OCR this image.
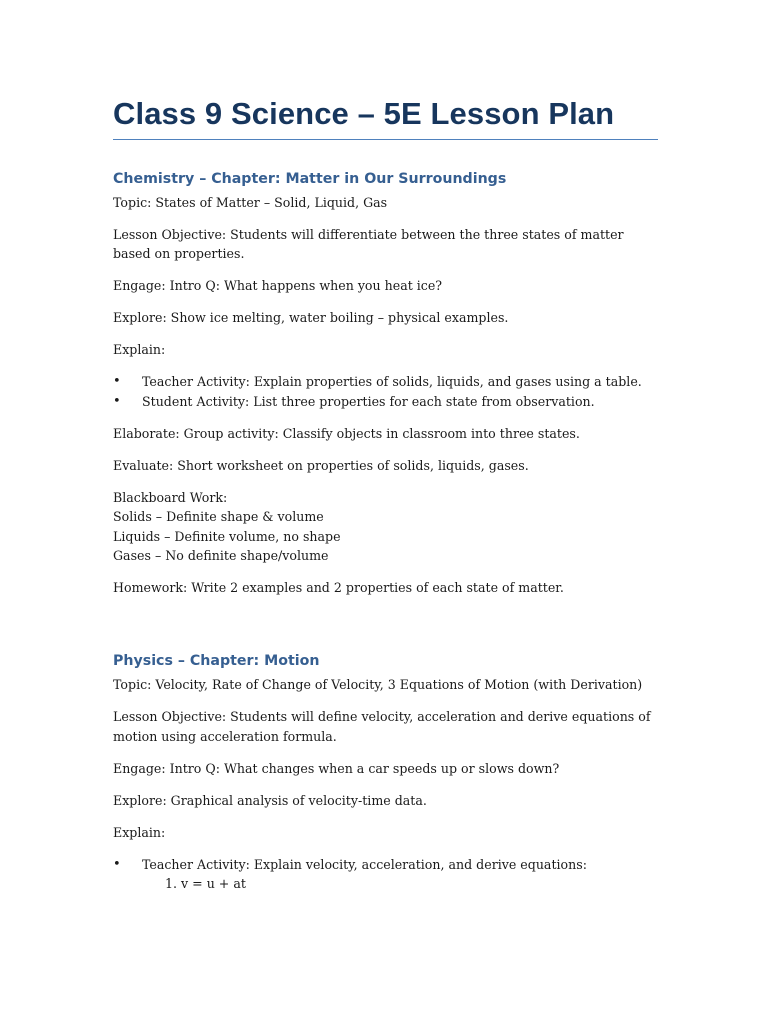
Class 9 Science – 5E Lesson Plan
Chemistry – Chapter: Matter in Our Surroundings

Topic: States of Matter – Solid, Liquid, Gas

Lesson Objective: Students will differentiate between the three states of matter based on properties.

Engage: Intro Q: What happens when you heat ice?

Explore: Show ice melting, water boiling – physical examples.

Explain:

• Teacher Activity: Explain properties of solids, liquids, and gases using a table.
• Student Activity: List three properties for each state from observation.

Elaborate: Group activity: Classify objects in classroom into three states.

Evaluate: Short worksheet on properties of solids, liquids, gases.

Blackboard Work:
Solids – Definite shape & volume
Liquids – Definite volume, no shape
Gases – No definite shape/volume

Homework: Write 2 examples and 2 properties of each state of matter.

Physics – Chapter: Motion

Topic: Velocity, Rate of Change of Velocity, 3 Equations of Motion (with Derivation)

Lesson Objective: Students will define velocity, acceleration and derive equations of motion using acceleration formula.

Engage: Intro Q: What changes when a car speeds up or slows down?

Explore: Graphical analysis of velocity-time data.

Explain:

• Teacher Activity: Explain velocity, acceleration, and derive equations:
1. v = u + at
